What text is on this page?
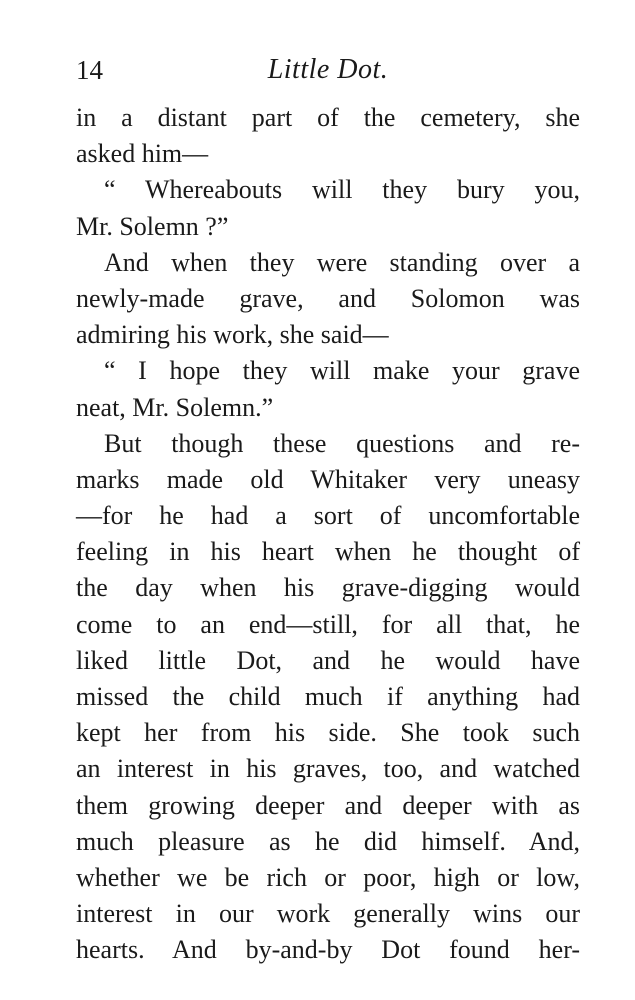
14	Little Dot.
in a distant part of the cemetery, she
asked him—
“ Whereabouts will they bury you,
Mr. Solemn ?”
And when they were standing over a
newly-made grave, and Solomon was
admiring his work, she said—
“ I hope they will make your grave
neat, Mr. Solemn.”
But though these questions and re-
marks made old Whitaker very uneasy
—for he had a sort of uncomfortable
feeling in his heart when he thought of
the day when his grave-digging would
come to an end—still, for all that, he
liked little Dot, and he would have
missed the child much if anything had
kept her from his side. She took such
an interest in his graves, too, and watched
them growing deeper and deeper with as
much pleasure as he did himself. And,
whether we be rich or poor, high or low,
interest in our work generally wins our
hearts. And by-and-by Dot found her-
